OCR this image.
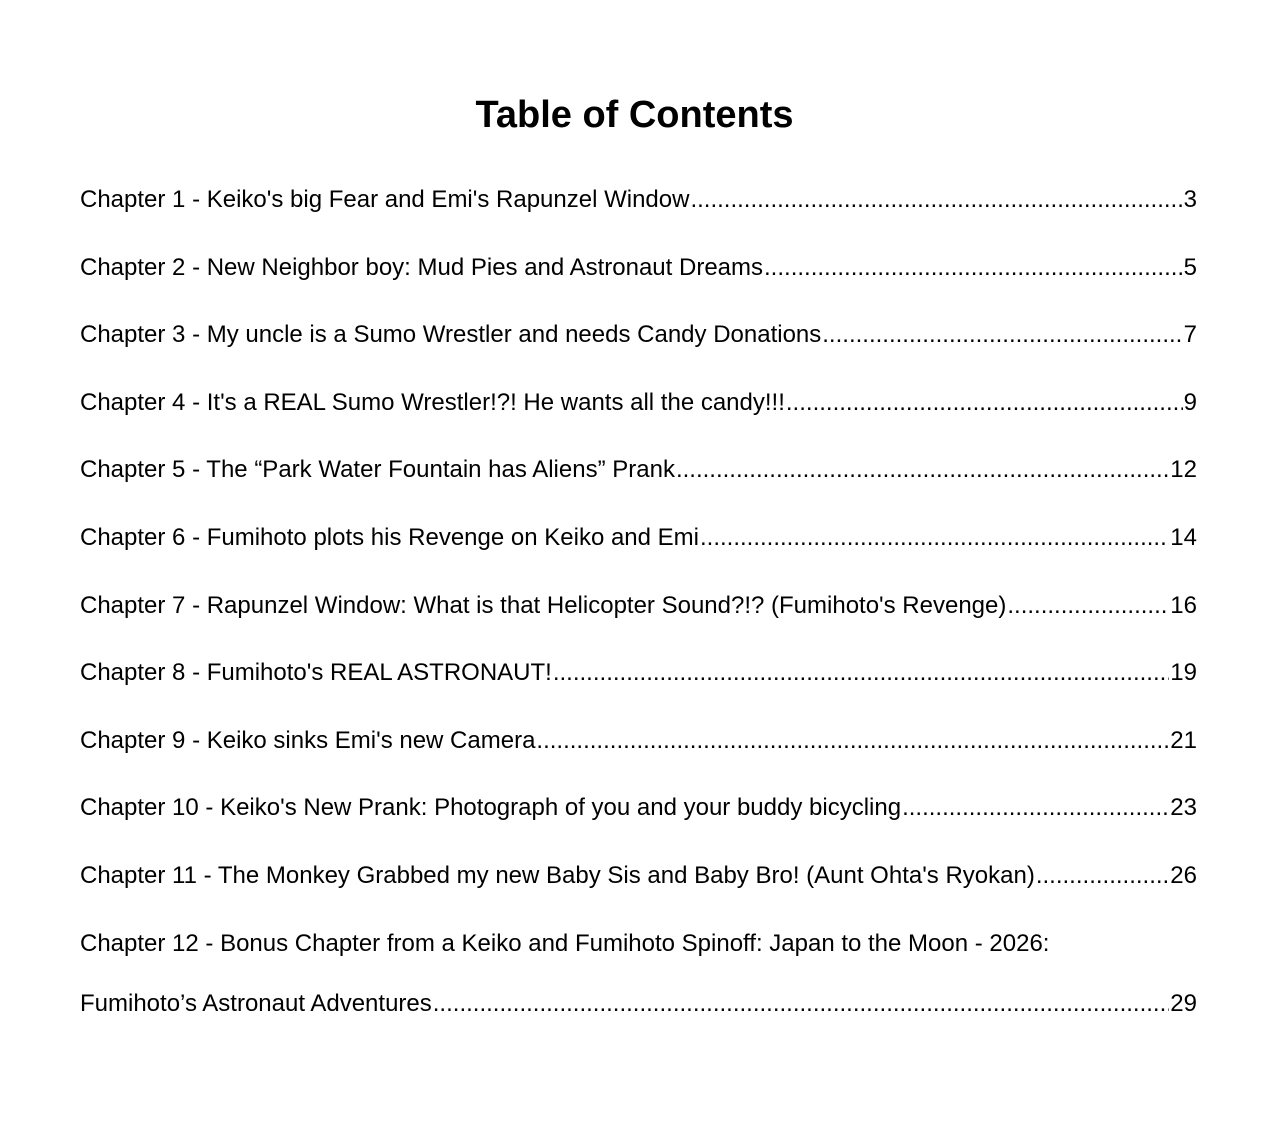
Table of Contents
Chapter 1 - Keiko's big Fear and Emi's Rapunzel Window .....	3
Chapter 2 - New Neighbor boy: Mud Pies and Astronaut Dreams .....	5
Chapter 3 - My uncle is a Sumo Wrestler and needs Candy Donations .....	7
Chapter 4 - It's a REAL Sumo Wrestler!?! He wants all the candy!!! .....	9
Chapter 5 - The “Park Water Fountain has Aliens” Prank .....	12
Chapter 6 - Fumihoto plots his Revenge on Keiko and Emi .....	14
Chapter 7 - Rapunzel Window: What is that Helicopter Sound?!? (Fumihoto's Revenge) .....	16
Chapter 8 - Fumihoto's REAL ASTRONAUT! .....	19
Chapter 9 - Keiko sinks Emi's new Camera .....	21
Chapter 10 - Keiko's New Prank: Photograph of you and your buddy bicycling .....	23
Chapter 11 - The Monkey Grabbed my new Baby Sis and Baby Bro! (Aunt Ohta's Ryokan) .....	26
Chapter 12 - Bonus Chapter from a Keiko and Fumihoto Spinoff: Japan to the Moon - 2026:
Fumihoto’s Astronaut Adventures .....	29
